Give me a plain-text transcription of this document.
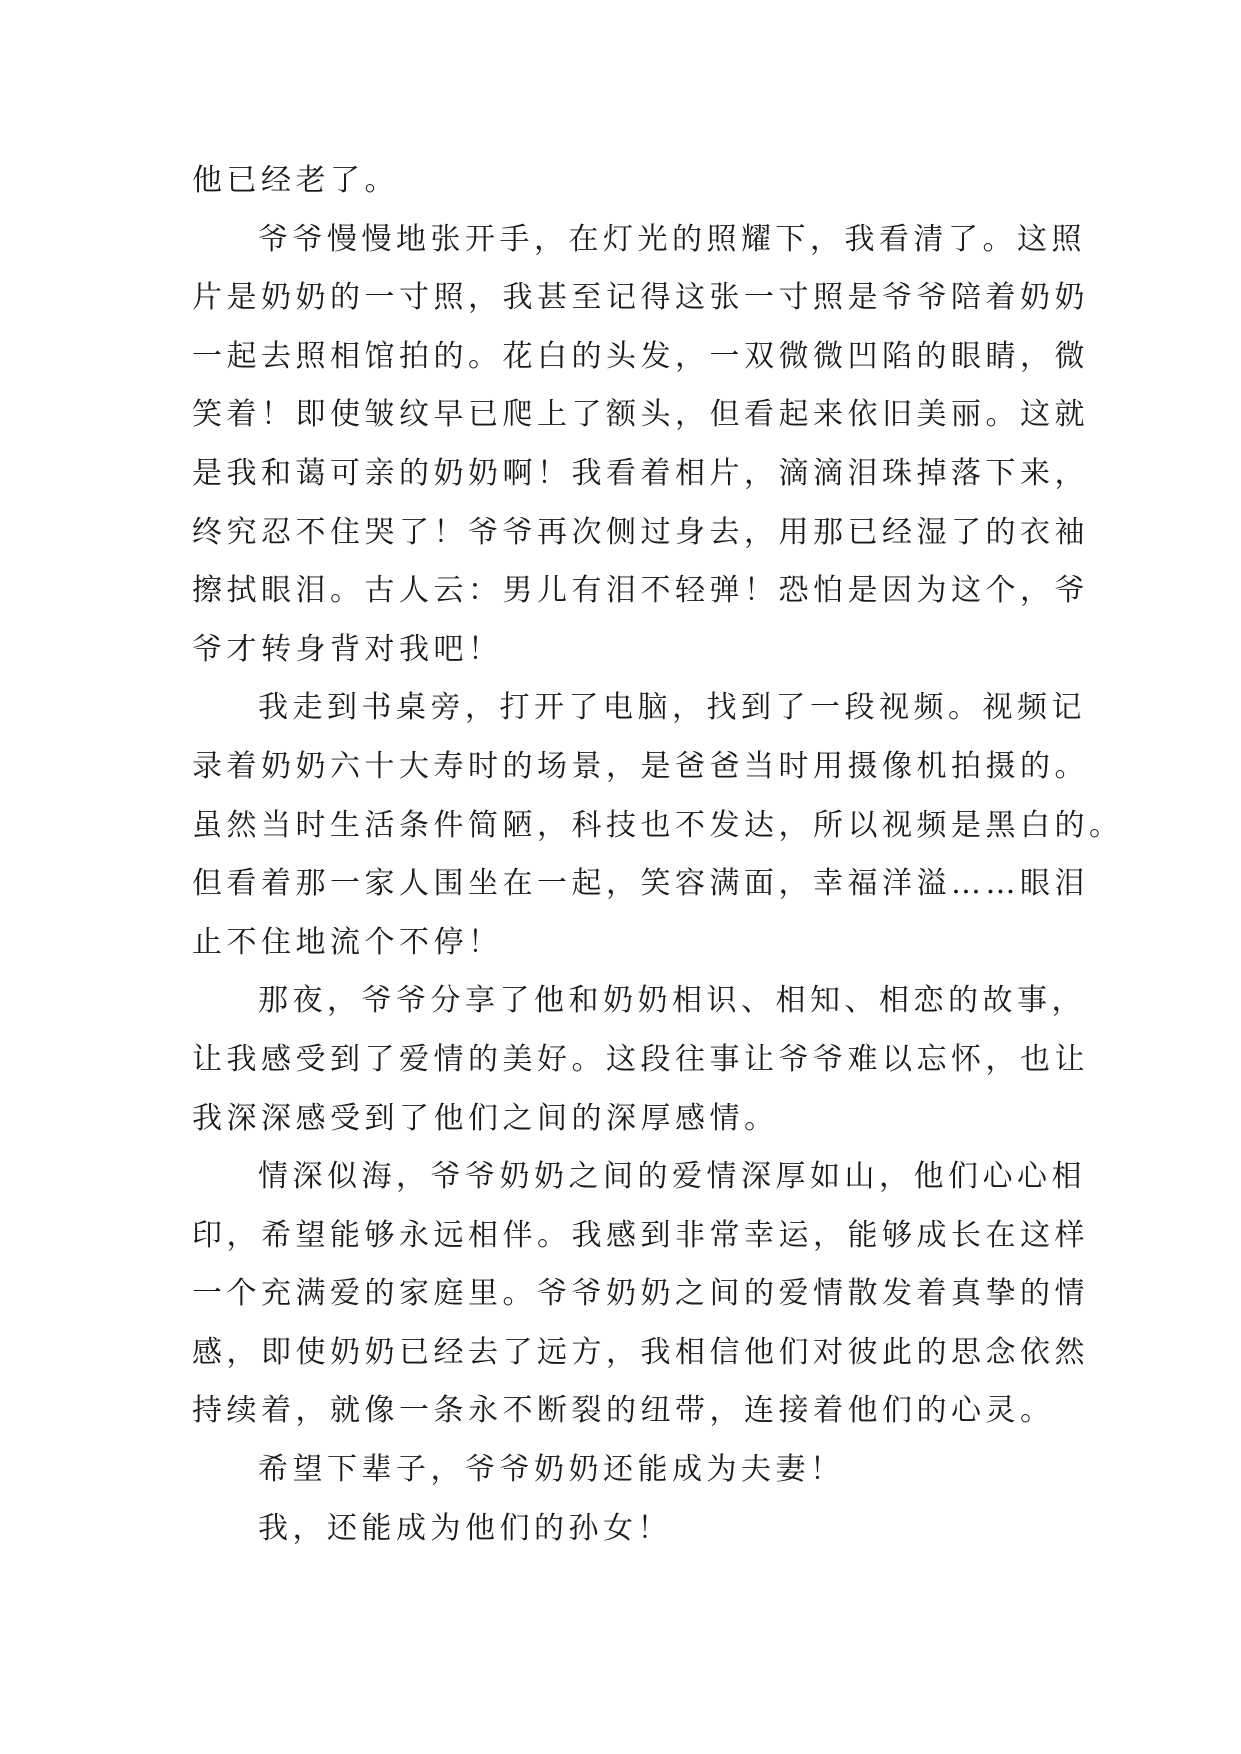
他已经老了。
爷爷慢慢地张开手，在灯光的照耀下，我看清了。这照
片是奶奶的一寸照，我甚至记得这张一寸照是爷爷陪着奶奶
一起去照相馆拍的。花白的头发，一双微微凹陷的眼睛，微
笑着！即使皱纹早已爬上了额头，但看起来依旧美丽。这就
是我和蔼可亲的奶奶啊！我看着相片，滴滴泪珠掉落下来，
终究忍不住哭了！爷爷再次侧过身去，用那已经湿了的衣袖
擦拭眼泪。古人云：男儿有泪不轻弹！恐怕是因为这个，爷
爷才转身背对我吧！
我走到书桌旁，打开了电脑，找到了一段视频。视频记
录着奶奶六十大寿时的场景，是爸爸当时用摄像机拍摄的。
虽然当时生活条件简陋，科技也不发达，所以视频是黑白的。
但看着那一家人围坐在一起，笑容满面，幸福洋溢……眼泪
止不住地流个不停！
那夜，爷爷分享了他和奶奶相识、相知、相恋的故事，
让我感受到了爱情的美好。这段往事让爷爷难以忘怀，也让
我深深感受到了他们之间的深厚感情。
情深似海，爷爷奶奶之间的爱情深厚如山，他们心心相
印，希望能够永远相伴。我感到非常幸运，能够成长在这样
一个充满爱的家庭里。爷爷奶奶之间的爱情散发着真挚的情
感，即使奶奶已经去了远方，我相信他们对彼此的思念依然
持续着，就像一条永不断裂的纽带，连接着他们的心灵。
希望下辈子，爷爷奶奶还能成为夫妻！
我，还能成为他们的孙女！
